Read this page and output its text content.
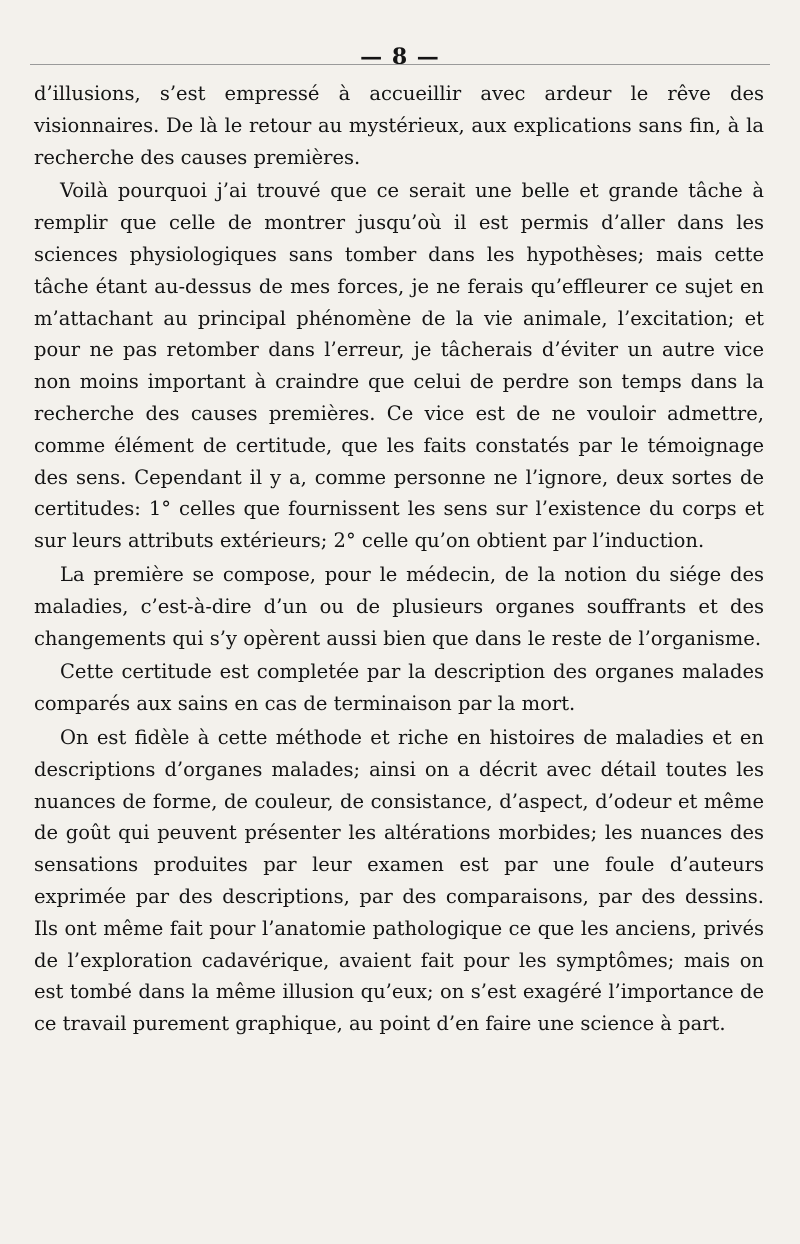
— 8 —

d’illusions, s’est empressé à accueillir avec ardeur le rêve des visionnaires. De là le retour au mystérieux, aux explications sans fin, à la recherche des causes premières.

Voilà pourquoi j’ai trouvé que ce serait une belle et grande tâche à remplir que celle de montrer jusqu’où il est permis d’aller dans les sciences physiologiques sans tomber dans les hypothèses; mais cette tâche étant au-dessus de mes forces, je ne ferais qu’effleurer ce sujet en m’attachant au principal phénomène de la vie animale, l’excitation; et pour ne pas retomber dans l’erreur, je tâcherais d’éviter un autre vice non moins important à craindre que celui de perdre son temps dans la recherche des causes premières. Ce vice est de ne vouloir admettre, comme élément de certitude, que les faits constatés par le témoignage des sens. Cependant il y a, comme personne ne l’ignore, deux sortes de certitudes: 1° celles que fournissent les sens sur l’existence du corps et sur leurs attributs extérieurs; 2° celle qu’on obtient par l’induction.

La première se compose, pour le médecin, de la notion du siége des maladies, c’est-à-dire d’un ou de plusieurs organes souffrants et des changements qui s’y opèrent aussi bien que dans le reste de l’organisme.

Cette certitude est completée par la description des organes malades comparés aux sains en cas de terminaison par la mort.

On est fidèle à cette méthode et riche en histoires de maladies et en descriptions d’organes malades; ainsi on a décrit avec détail toutes les nuances de forme, de couleur, de consistance, d’aspect, d’odeur et même de goût qui peuvent présenter les altérations morbides; les nuances des sensations produites par leur examen est par une foule d’auteurs exprimée par des descriptions, par des comparaisons, par des dessins. Ils ont même fait pour l’anatomie pathologique ce que les anciens, privés de l’exploration cadavérique, avaient fait pour les symptômes; mais on est tombé dans la même illusion qu’eux; on s’est exagéré l’importance de ce travail purement graphique, au point d’en faire une science à part.
